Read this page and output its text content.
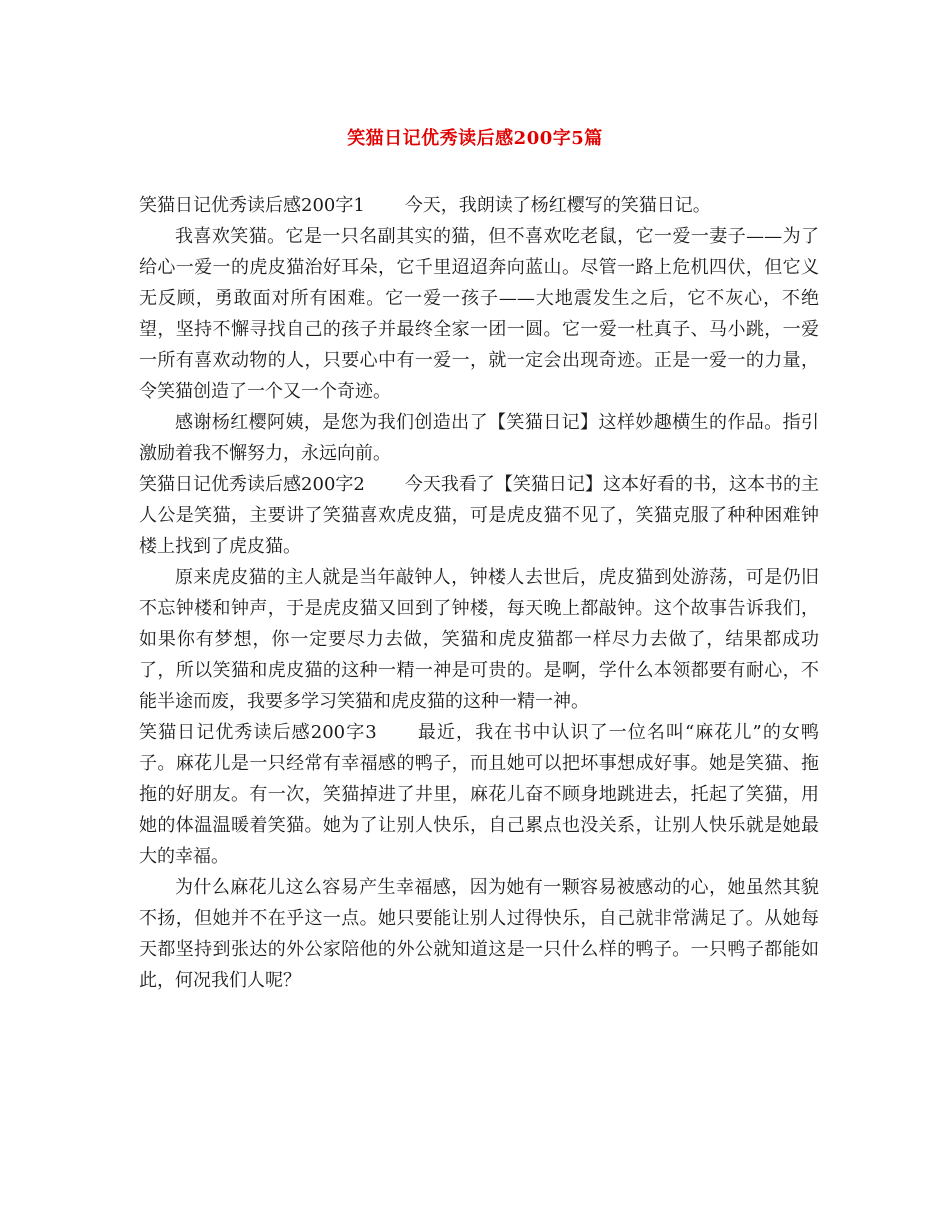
笑猫日记优秀读后感200字5篇

笑猫日记优秀读后感200字1 今天，我朗读了杨红樱写的笑猫日记。

我喜欢笑猫。它是一只名副其实的猫，但不喜欢吃老鼠，它一爱一妻子——为了给心一爱一的虎皮猫治好耳朵，它千里迢迢奔向蓝山。尽管一路上危机四伏，但它义无反顾，勇敢面对所有困难。它一爱一孩子——大地震发生之后，它不灰心，不绝望，坚持不懈寻找自己的孩子并最终全家一团一圆。它一爱一杜真子、马小跳，一爱一所有喜欢动物的人，只要心中有一爱一，就一定会出现奇迹。正是一爱一的力量，令笑猫创造了一个又一个奇迹。

感谢杨红樱阿姨，是您为我们创造出了【笑猫日记】这样妙趣横生的作品。指引激励着我不懈努力，永远向前。

笑猫日记优秀读后感200字2 今天我看了【笑猫日记】这本好看的书，这本书的主人公是笑猫，主要讲了笑猫喜欢虎皮猫，可是虎皮猫不见了，笑猫克服了种种困难钟楼上找到了虎皮猫。

原来虎皮猫的主人就是当年敲钟人，钟楼人去世后，虎皮猫到处游荡，可是仍旧不忘钟楼和钟声，于是虎皮猫又回到了钟楼，每天晚上都敲钟。这个故事告诉我们，如果你有梦想，你一定要尽力去做，笑猫和虎皮猫都一样尽力去做了，结果都成功了，所以笑猫和虎皮猫的这种一精一神是可贵的。是啊，学什么本领都要有耐心，不能半途而废，我要多学习笑猫和虎皮猫的这种一精一神。

笑猫日记优秀读后感200字3 最近，我在书中认识了一位名叫“麻花儿”的女鸭子。麻花儿是一只经常有幸福感的鸭子，而且她可以把坏事想成好事。她是笑猫、拖拖的好朋友。有一次，笑猫掉进了井里，麻花儿奋不顾身地跳进去，托起了笑猫，用她的体温温暖着笑猫。她为了让别人快乐，自己累点也没关系，让别人快乐就是她最大的幸福。

为什么麻花儿这么容易产生幸福感，因为她有一颗容易被感动的心，她虽然其貌不扬，但她并不在乎这一点。她只要能让别人过得快乐，自己就非常满足了。从她每天都坚持到张达的外公家陪他的外公就知道这是一只什么样的鸭子。一只鸭子都能如此，何况我们人呢？
